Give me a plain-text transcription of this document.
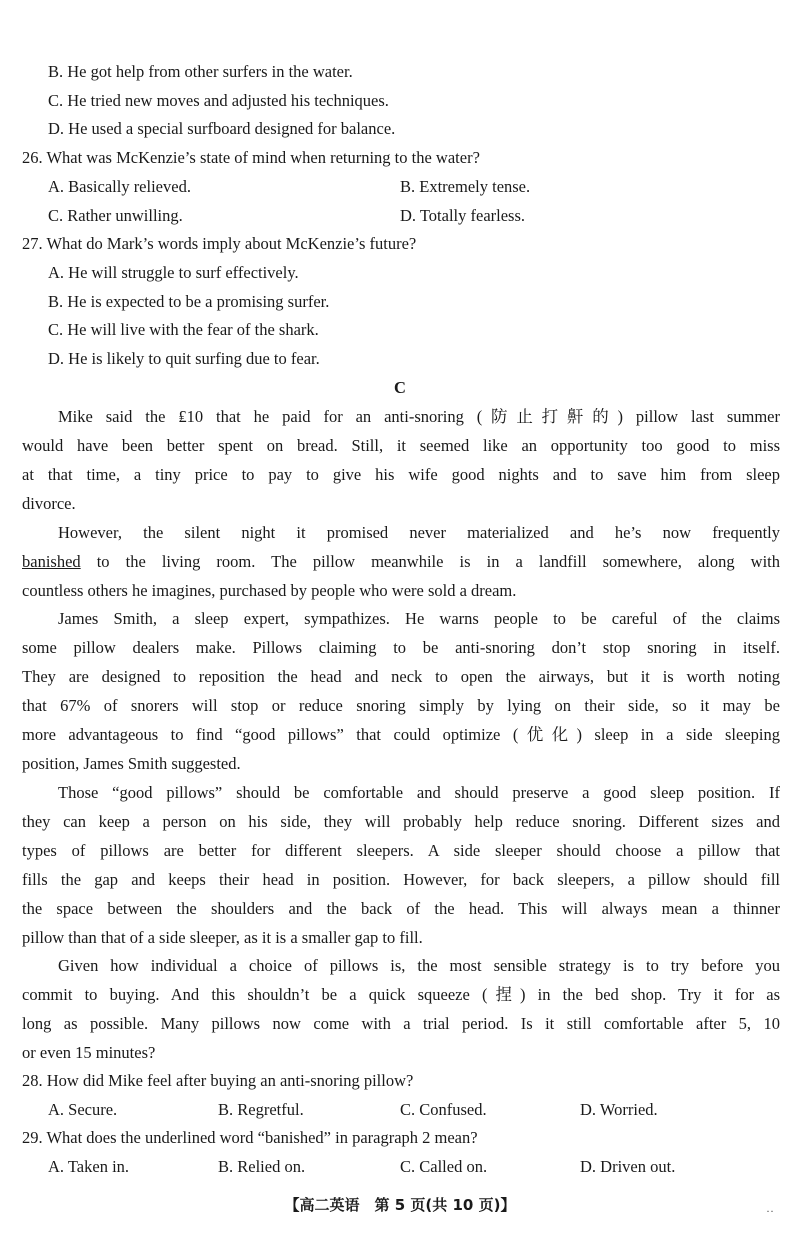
B. He got help from other surfers in the water.
C. He tried new moves and adjusted his techniques.
D. He used a special surfboard designed for balance.
26. What was McKenzie’s state of mind when returning to the water?
A. Basically relieved.	B. Extremely tense.
C. Rather unwilling.	D. Totally fearless.
27. What do Mark’s words imply about McKenzie’s future?
A. He will struggle to surf effectively.
B. He is expected to be a promising surfer.
C. He will live with the fear of the shark.
D. He is likely to quit surfing due to fear.
C
Mike said the ₤10 that he paid for an anti-snoring (防止打鼾的) pillow last summer
would have been better spent on bread. Still, it seemed like an opportunity too good to miss
at that time, a tiny price to pay to give his wife good nights and to save him from sleep
divorce.
However, the silent night it promised never materialized and he’s now frequently
banished to the living room. The pillow meanwhile is in a landfill somewhere, along with
countless others he imagines, purchased by people who were sold a dream.
James Smith, a sleep expert, sympathizes. He warns people to be careful of the claims
some pillow dealers make. Pillows claiming to be anti-snoring don’t stop snoring in itself.
They are designed to reposition the head and neck to open the airways, but it is worth noting
that 67% of snorers will stop or reduce snoring simply by lying on their side, so it may be
more advantageous to find “good pillows” that could optimize (优化) sleep in a side sleeping
position, James Smith suggested.
Those “good pillows” should be comfortable and should preserve a good sleep position. If
they can keep a person on his side, they will probably help reduce snoring. Different sizes and
types of pillows are better for different sleepers. A side sleeper should choose a pillow that
fills the gap and keeps their head in position. However, for back sleepers, a pillow should fill
the space between the shoulders and the back of the head. This will always mean a thinner
pillow than that of a side sleeper, as it is a smaller gap to fill.
Given how individual a choice of pillows is, the most sensible strategy is to try before you
commit to buying. And this shouldn’t be a quick squeeze (捏) in the bed shop. Try it for as
long as possible. Many pillows now come with a trial period. Is it still comfortable after 5, 10
or even 15 minutes?
28. How did Mike feel after buying an anti-snoring pillow?
A. Secure.	B. Regretful.	C. Confused.	D. Worried.
29. What does the underlined word “banished” in paragraph 2 mean?
A. Taken in.	B. Relied on.	C. Called on.	D. Driven out.
【高二英语　第 5 页(共 10 页)】	··
